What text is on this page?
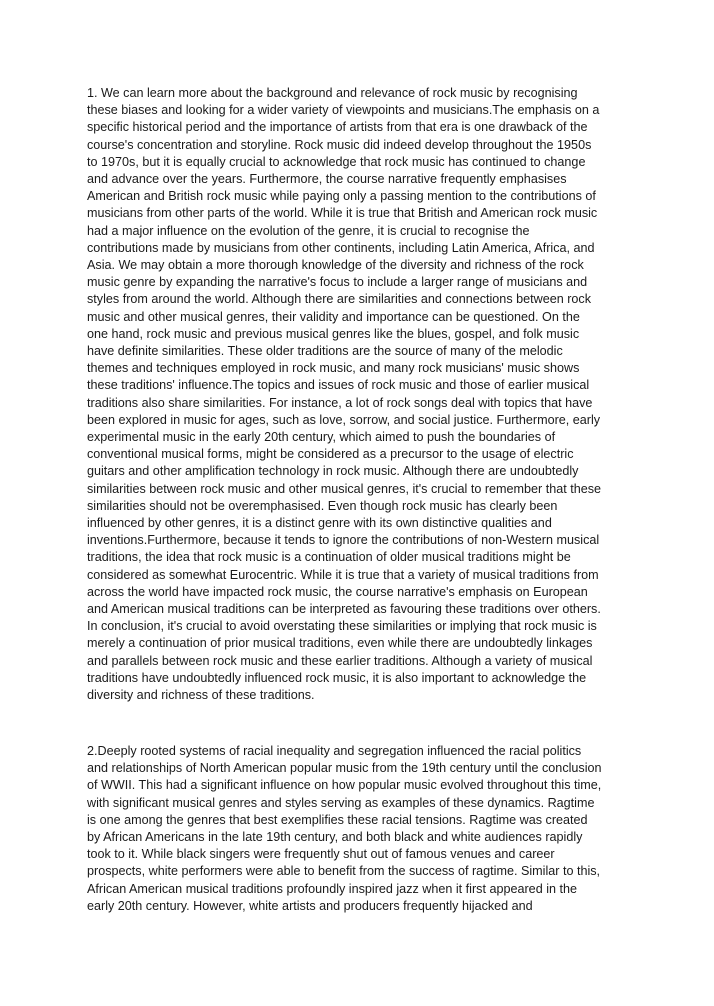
1. We can learn more about the background and relevance of rock music by recognising

these biases and looking for a wider variety of viewpoints and musicians.The emphasis on a

specific historical period and the importance of artists from that era is one drawback of the

course's concentration and storyline. Rock music did indeed develop throughout the 1950s

to 1970s, but it is equally crucial to acknowledge that rock music has continued to change

and advance over the years. Furthermore, the course narrative frequently emphasises

American and British rock music while paying only a passing mention to the contributions of

musicians from other parts of the world. While it is true that British and American rock music

had a major influence on the evolution of the genre, it is crucial to recognise the

contributions made by musicians from other continents, including Latin America, Africa, and

Asia. We may obtain a more thorough knowledge of the diversity and richness of the rock

music genre by expanding the narrative's focus to include a larger range of musicians and

styles from around the world. Although there are similarities and connections between rock

music and other musical genres, their validity and importance can be questioned. On the

one hand, rock music and previous musical genres like the blues, gospel, and folk music

have definite similarities. These older traditions are the source of many of the melodic

themes and techniques employed in rock music, and many rock musicians' music shows

these traditions' influence.The topics and issues of rock music and those of earlier musical

traditions also share similarities. For instance, a lot of rock songs deal with topics that have

been explored in music for ages, such as love, sorrow, and social justice. Furthermore, early

experimental music in the early 20th century, which aimed to push the boundaries of

conventional musical forms, might be considered as a precursor to the usage of electric

guitars and other amplification technology in rock music. Although there are undoubtedly

similarities between rock music and other musical genres, it's crucial to remember that these

similarities should not be overemphasised. Even though rock music has clearly been

influenced by other genres, it is a distinct genre with its own distinctive qualities and

inventions.Furthermore, because it tends to ignore the contributions of non-Western musical

traditions, the idea that rock music is a continuation of older musical traditions might be

considered as somewhat Eurocentric. While it is true that a variety of musical traditions from

across the world have impacted rock music, the course narrative's emphasis on European

and American musical traditions can be interpreted as favouring these traditions over others.

In conclusion, it's crucial to avoid overstating these similarities or implying that rock music is

merely a continuation of prior musical traditions, even while there are undoubtedly linkages

and parallels between rock music and these earlier traditions. Although a variety of musical

traditions have undoubtedly influenced rock music, it is also important to acknowledge the

diversity and richness of these traditions.

2.Deeply rooted systems of racial inequality and segregation influenced the racial politics

and relationships of North American popular music from the 19th century until the conclusion

of WWII. This had a significant influence on how popular music evolved throughout this time,

with significant musical genres and styles serving as examples of these dynamics. Ragtime

is one among the genres that best exemplifies these racial tensions. Ragtime was created

by African Americans in the late 19th century, and both black and white audiences rapidly

took to it. While black singers were frequently shut out of famous venues and career

prospects, white performers were able to benefit from the success of ragtime. Similar to this,

African American musical traditions profoundly inspired jazz when it first appeared in the

early 20th century. However, white artists and producers frequently hijacked and
